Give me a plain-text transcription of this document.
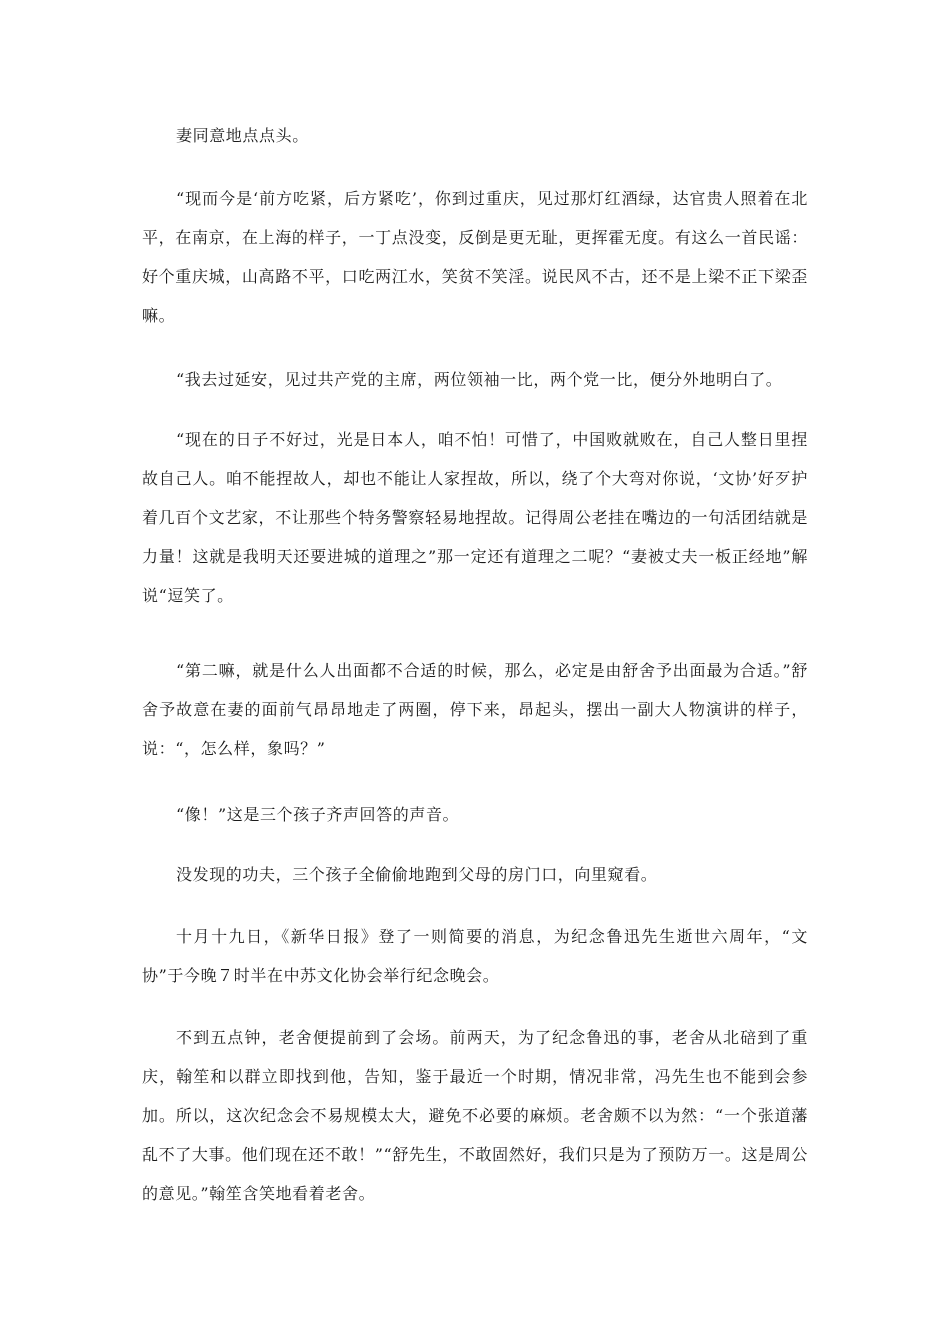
妻同意地点点头。

“现而今是‘前方吃紧，后方紧吃’，你到过重庆，见过那灯红酒绿，达官贵人照着在北平，在南京，在上海的样子，一丁点没变，反倒是更无耻，更挥霍无度。有这么一首民谣：好个重庆城，山高路不平，口吃两江水，笑贫不笑淫。说民风不古，还不是上梁不正下梁歪嘛。

“我去过延安，见过共产党的主席，两位领袖一比，两个党一比，便分外地明白了。

“现在的日子不好过，光是日本人，咱不怕！可惜了，中国败就败在，自己人整日里捏故自己人。咱不能捏故人，却也不能让人家捏故，所以，绕了个大弯对你说，‘文协’好歹护着几百个文艺家，不让那些个特务警察轻易地捏故。记得周公老挂在嘴边的一句活团结就是力量！这就是我明天还要进城的道理之”那一定还有道理之二呢？“妻被丈夫一板正经地”解说“逗笑了。

“第二嘛，就是什么人出面都不合适的时候，那么，必定是由舒舍予出面最为合适。”舒舍予故意在妻的面前气昂昂地走了两圈，停下来，昂起头，摆出一副大人物演讲的样子，说：“，怎么样，象吗？”

“像！”这是三个孩子齐声回答的声音。

没发现的功夫，三个孩子全偷偷地跑到父母的房门口，向里窥看。

十月十九日，《新华日报》登了一则简要的消息，为纪念鲁迅先生逝世六周年，“文协”于今晚７时半在中苏文化协会举行纪念晚会。

不到五点钟，老舍便提前到了会场。前两天，为了纪念鲁迅的事，老舍从北碚到了重庆，翰笙和以群立即找到他，告知，鉴于最近一个时期，情况非常，冯先生也不能到会参加。所以，这次纪念会不易规模太大，避免不必要的麻烦。老舍颇不以为然：“一个张道藩乱不了大事。他们现在还不敢！”“舒先生，不敢固然好，我们只是为了预防万一。这是周公的意见。”翰笙含笑地看着老舍。
